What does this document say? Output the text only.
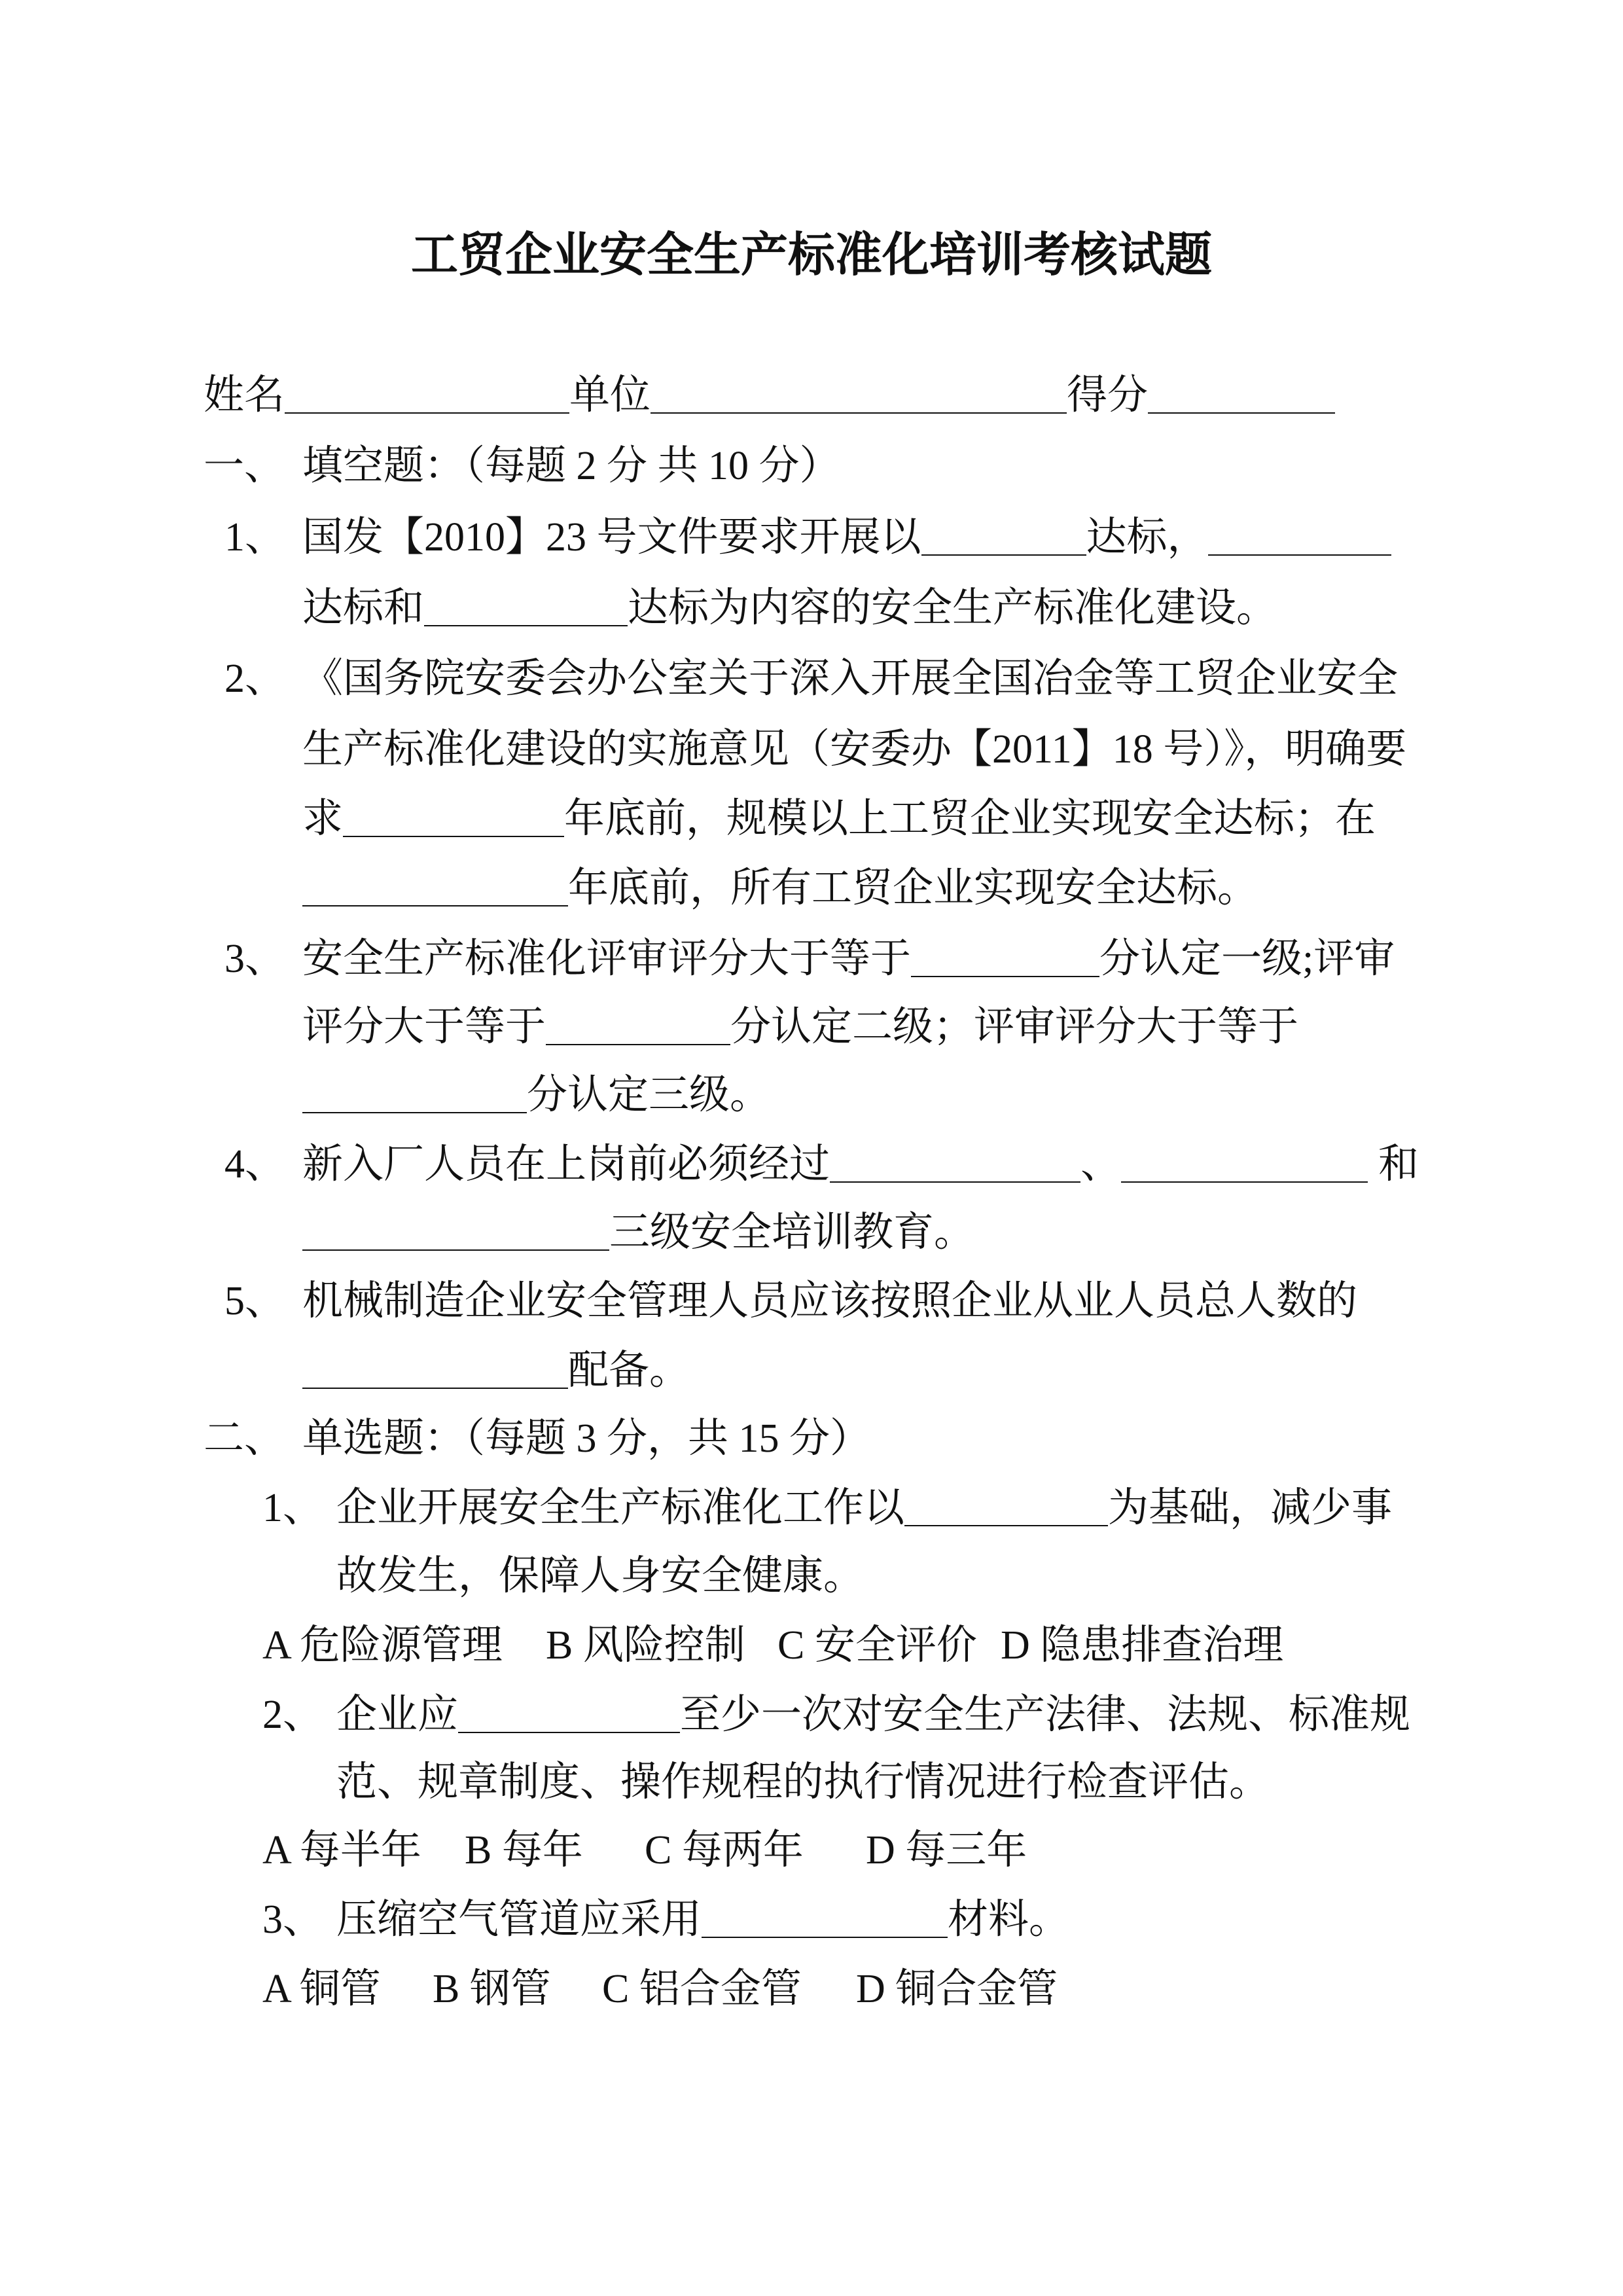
工贸企业安全生产标准化培训考核试题
姓名	单位	得分
一、 填空题：（每题 2 分 共 10 分）
1、 国发【2010】23 号文件要求开展以	达标，
达标和	达标为内容的安全生产标准化建设。
2、 《国务院安委会办公室关于深入开展全国冶金等工贸企业安全
生产标准化建设的实施意见（安委办【2011】18 号）》，明确要
求	年底前，规模以上工贸企业实现安全达标；在
年底前，所有工贸企业实现安全达标。
3、 安全生产标准化评审评分大于等于	分认定一级;评审
评分大于等于	分认定二级；评审评分大于等于
分认定三级。
4、 新入厂人员在上岗前必须经过	、	和
三级安全培训教育。
5、 机械制造企业安全管理人员应该按照企业从业人员总人数的
配备。
二、 单选题：（每题 3 分，共 15 分）
1、 企业开展安全生产标准化工作以	为基础，减少事
故发生，保障人身安全健康。
A 危险源管理 B 风险控制 C 安全评价 D 隐患排查治理
2、 企业应	至少一次对安全生产法律、法规、标准规
范、规章制度、操作规程的执行情况进行检查评估。
A 每半年 B 每年 C 每两年 D 每三年
3、 压缩空气管道应采用	材料。
A 铜管 B 钢管 C 铝合金管 D 铜合金管
